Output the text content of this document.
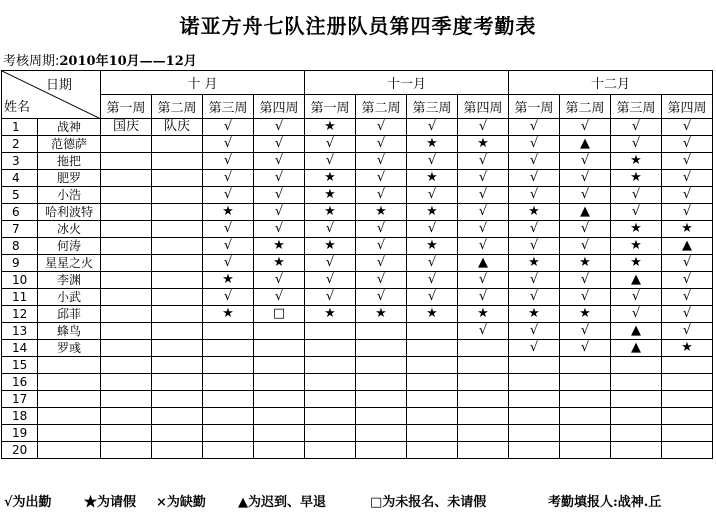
诺亚方舟七队注册队员第四季度考勤表
考核周期:2010年10月——12月
日期
姓名		十 月				十一月				十二月			
		第一周	第二周	第三周	第四周	第一周	第二周	第三周	第四周	第一周	第二周	第三周	第四周
1	战神	国庆	队庆	√	√	★	√	√	√	√	√	√	√
2	范德萨			√	√	√	√	★	★	√	▲	√	√
3	拖把			√	√	√	√	√	√	√	√	★	√
4	肥罗			√	√	★	√	★	√	√	√	★	√
5	小浩			√	√	★	√	√	√	√	√	√	√
6	哈利波特			★	√	★	★	★	√	★	▲	√	√
7	冰火			√	√	√	√	√	√	√	√	★	★
8	何涛			√	★	★	√	★	√	√	√	★	▲
9	星星之火			√	★	√	√	√	▲	★	★	★	√
10	李渊			★	√	√	√	√	√	√	√	▲	√
11	小武			√	√	√	√	√	√	√	√	√	√
12	邱菲			★	□	★	★	★	★	★	★	√	√
13	蜂鸟								√	√	√	▲	√
14	罗彧									√	√	▲	★
15													
16													
17													
18													
19													
20													
√为出勤 ★为请假 ×为缺勤 ▲为迟到、早退	□为未报名、未请假	考勤填报人:战神.丘
